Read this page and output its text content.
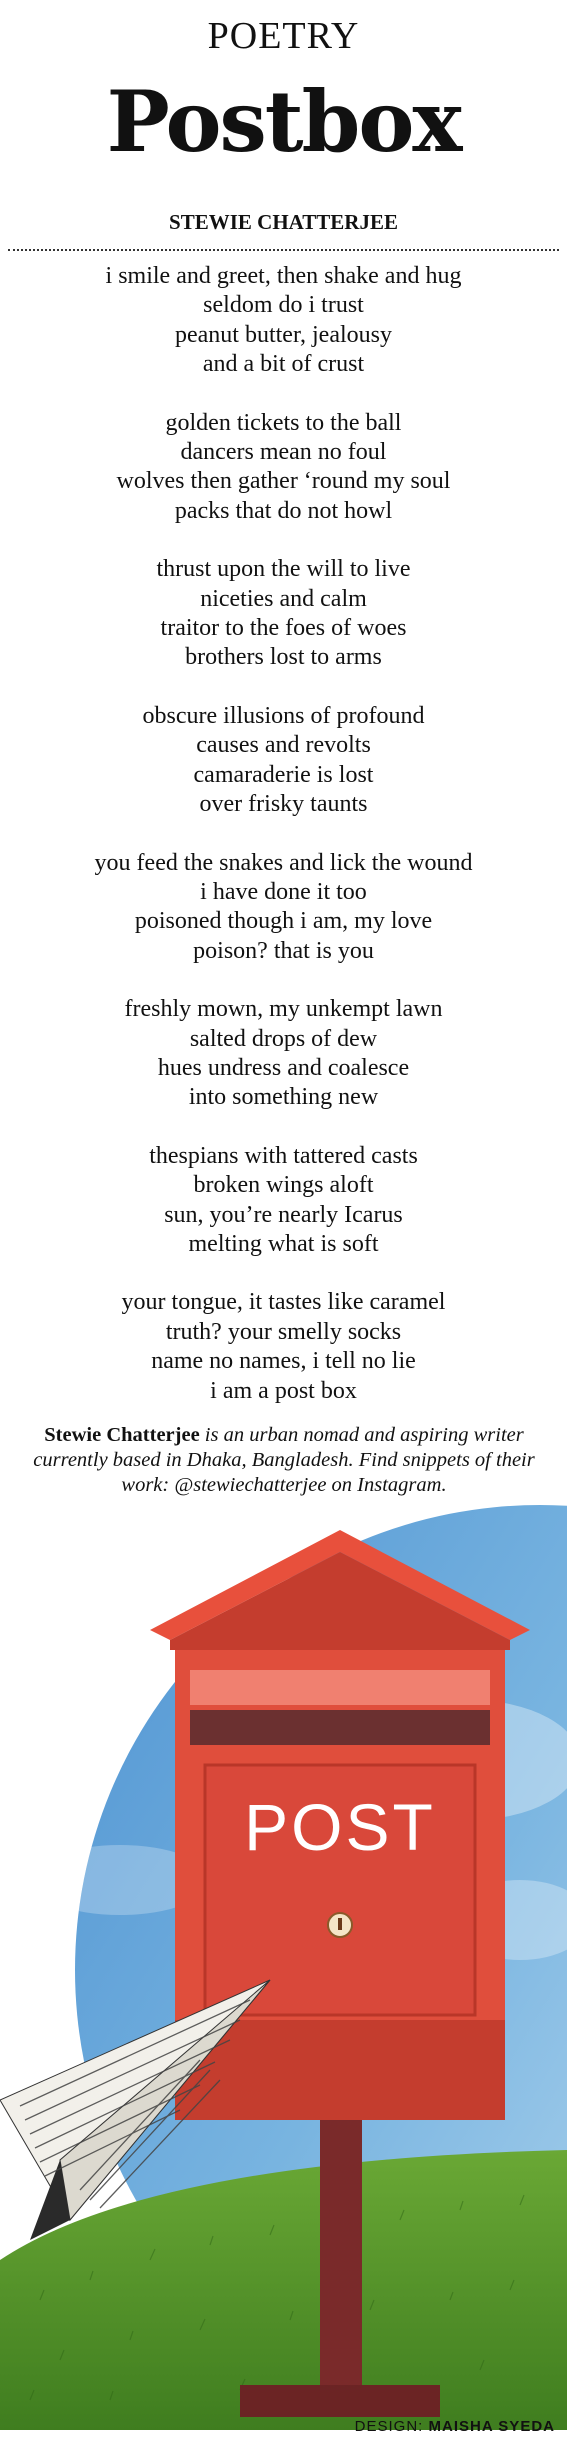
POETRY
Postbox
STEWIE CHATTERJEE
i smile and greet, then shake and hug
seldom do i trust
peanut butter, jealousy
and a bit of crust
golden tickets to the ball
dancers mean no foul
wolves then gather ‘round my soul
packs that do not howl
thrust upon the will to live
niceties and calm
traitor to the foes of woes
brothers lost to arms
obscure illusions of profound
causes and revolts
camaraderie is lost
over frisky taunts
you feed the snakes and lick the wound
i have done it too
poisoned though i am, my love
poison? that is you
freshly mown, my unkempt lawn
salted drops of dew
hues undress and coalesce
into something new
thespians with tattered casts
broken wings aloft
sun, you’re nearly Icarus
melting what is soft
your tongue, it tastes like caramel
truth? your smelly socks
name no names, i tell no lie
i am a post box
Stewie Chatterjee is an urban nomad and aspiring writer currently based in Dhaka, Bangladesh. Find snippets of their work: @stewiechatterjee on Instagram.
POST
DESIGN: MAISHA SYEDA
